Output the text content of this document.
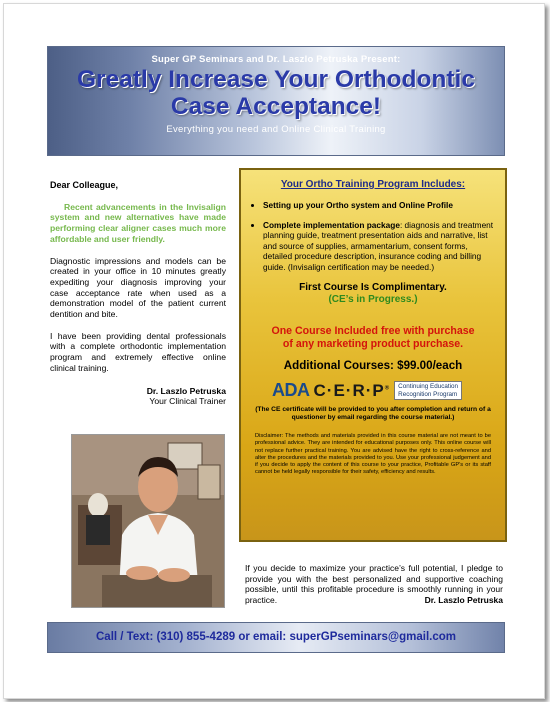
Super GP Seminars and Dr. Laszlo Petruska Present:
Greatly Increase Your Orthodontic
Case Acceptance!
Everything you need and Online Clinical Training
Dear Colleague,
Recent advancements in the Invisalign system and new alternatives have made performing clear aligner cases much more affordable and user friendly.
Diagnostic impressions and models can be created in your office in 10 minutes greatly expediting your diagnosis improving your case acceptance rate when used as a demonstration model of the patient current dentition and bite.
I have been providing dental professionals with a complete orthodontic implementation program and extremely effective online clinical training.
Dr. Laszlo Petruska
Your Clinical Trainer
Your Ortho Training Program Includes:
• Setting up your Ortho system and Online Profile
• Complete implementation package: diagnosis and treatment planning guide, treatment presentation aids and narrative, list and source of supplies, armamentarium, consent forms, detailed procedure description, insurance coding and billing guide. (Invisalign certification may be needed.)
First Course Is Complimentary.
(CE’s in Progress.)
One Course Included free with purchase
of any marketing product purchase.
Additional Courses: $99.00/each
ADA C·E·R·P® Continuing Education
Recognition Program
(The CE certificate will be provided to you after completion and return of a questioner by email regarding the course material.)
Disclaimer: The methods and materials provided in this course material are not meant to be professional advice. They are intended for educational purposes only. This online course will not replace further practical training. You are advised have the right to cross-reference and alter the procedures and the materials provided to you. Use your professional judgement and if you decide to apply the content of this course to your practice, Profitable GP’s or its staff cannot be held legally responsible for their safety, efficiency and results.
If you decide to maximize your practice’s full potential, I pledge to provide you with the best personalized and supportive coaching possible, until this profitable procedure is smoothly running in your practice.	Dr. Laszlo Petruska
Call / Text: (310) 855-4289 or email: superGPseminars@gmail.com
